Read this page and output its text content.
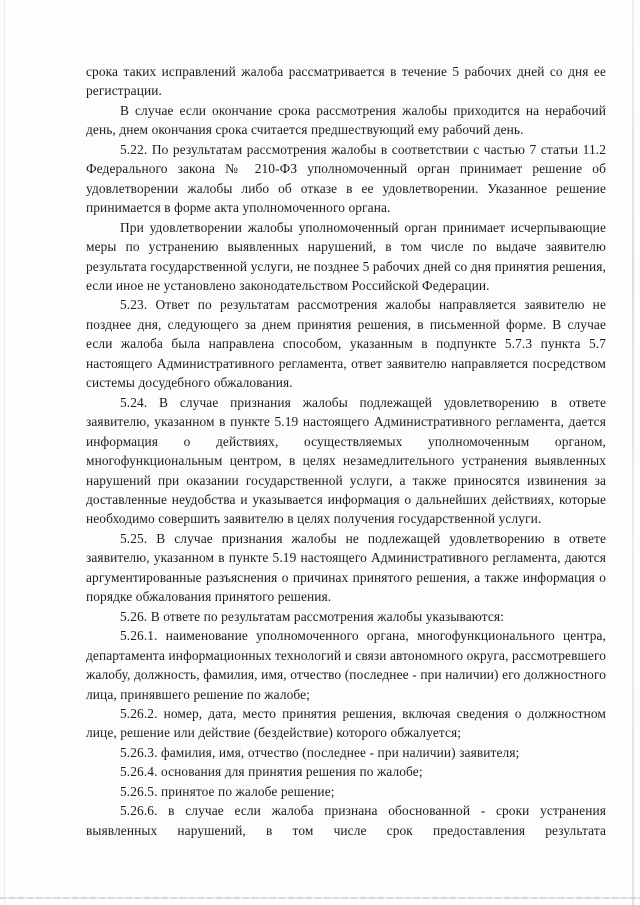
срока таких исправлений жалоба рассматривается в течение 5 рабочих дней со дня ее регистрации.

В случае если окончание срока рассмотрения жалобы приходится на нерабочий день, днем окончания срока считается предшествующий ему рабочий день.

5.22. По результатам рассмотрения жалобы в соответствии с частью 7 статьи 11.2 Федерального закона № 210-ФЗ уполномоченный орган принимает решение об удовлетворении жалобы либо об отказе в ее удовлетворении. Указанное решение принимается в форме акта уполномоченного органа.

При удовлетворении жалобы уполномоченный орган принимает исчерпывающие меры по устранению выявленных нарушений, в том числе по выдаче заявителю результата государственной услуги, не позднее 5 рабочих дней со дня принятия решения, если иное не установлено законодательством Российской Федерации.

5.23. Ответ по результатам рассмотрения жалобы направляется заявителю не позднее дня, следующего за днем принятия решения, в письменной форме. В случае если жалоба была направлена способом, указанным в подпункте 5.7.3 пункта 5.7 настоящего Административного регламента, ответ заявителю направляется посредством системы досудебного обжалования.

5.24. В случае признания жалобы подлежащей удовлетворению в ответе заявителю, указанном в пункте 5.19 настоящего Административного регламента, дается информация о действиях, осуществляемых уполномоченным органом, многофункциональным центром, в целях незамедлительного устранения выявленных нарушений при оказании государственной услуги, а также приносятся извинения за доставленные неудобства и указывается информация о дальнейших действиях, которые необходимо совершить заявителю в целях получения государственной услуги.

5.25. В случае признания жалобы не подлежащей удовлетворению в ответе заявителю, указанном в пункте 5.19 настоящего Административного регламента, даются аргументированные разъяснения о причинах принятого решения, а также информация о порядке обжалования принятого решения.

5.26. В ответе по результатам рассмотрения жалобы указываются:

5.26.1. наименование уполномоченного органа, многофункционального центра, департамента информационных технологий и связи автономного округа, рассмотревшего жалобу, должность, фамилия, имя, отчество (последнее - при наличии) его должностного лица, принявшего решение по жалобе;

5.26.2. номер, дата, место принятия решения, включая сведения о должностном лице, решение или действие (бездействие) которого обжалуется;

5.26.3. фамилия, имя, отчество (последнее - при наличии) заявителя;

5.26.4. основания для принятия решения по жалобе;

5.26.5. принятое по жалобе решение;

5.26.6. в случае если жалоба признана обоснованной - сроки устранения выявленных нарушений, в том числе срок предоставления результата
